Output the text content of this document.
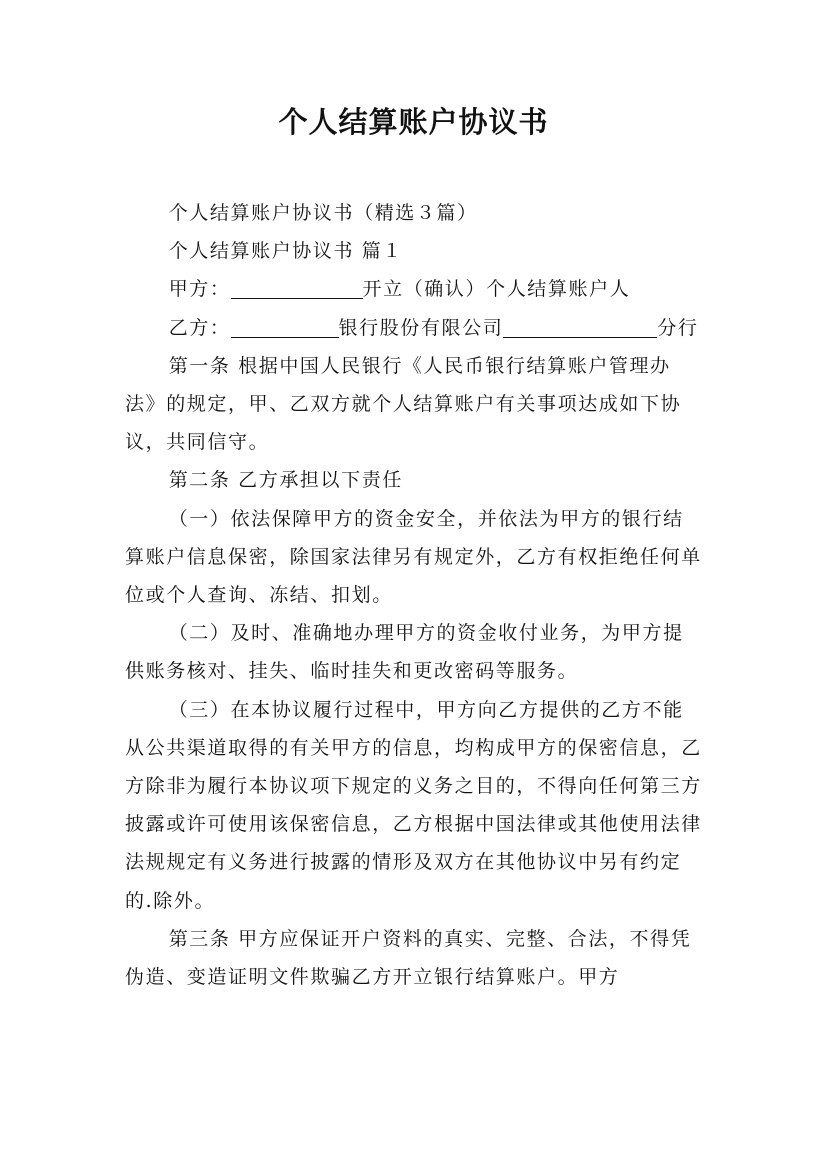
个人结算账户协议书

个人结算账户协议书（精选３篇）

个人结算账户协议书 篇１

甲方：	开立（确认）个人结算账户人

乙方：	银行股份有限公司	分行

第一条 根据中国人民银行《人民币银行结算账户管理办法》的规定，甲、乙双方就个人结算账户有关事项达成如下协议，共同信守。

第二条 乙方承担以下责任

（一）依法保障甲方的资金安全，并依法为甲方的银行结算账户信息保密，除国家法律另有规定外，乙方有权拒绝任何单位或个人查询、冻结、扣划。

（二）及时、准确地办理甲方的资金收付业务，为甲方提供账务核对、挂失、临时挂失和更改密码等服务。

（三）在本协议履行过程中，甲方向乙方提供的乙方不能从公共渠道取得的有关甲方的信息，均构成甲方的保密信息，乙方除非为履行本协议项下规定的义务之目的，不得向任何第三方披露或许可使用该保密信息，乙方根据中国法律或其他使用法律法规规定有义务进行披露的情形及双方在其他协议中另有约定的.除外。

第三条 甲方应保证开户资料的真实、完整、合法，不得凭伪造、变造证明文件欺骗乙方开立银行结算账户。甲方
